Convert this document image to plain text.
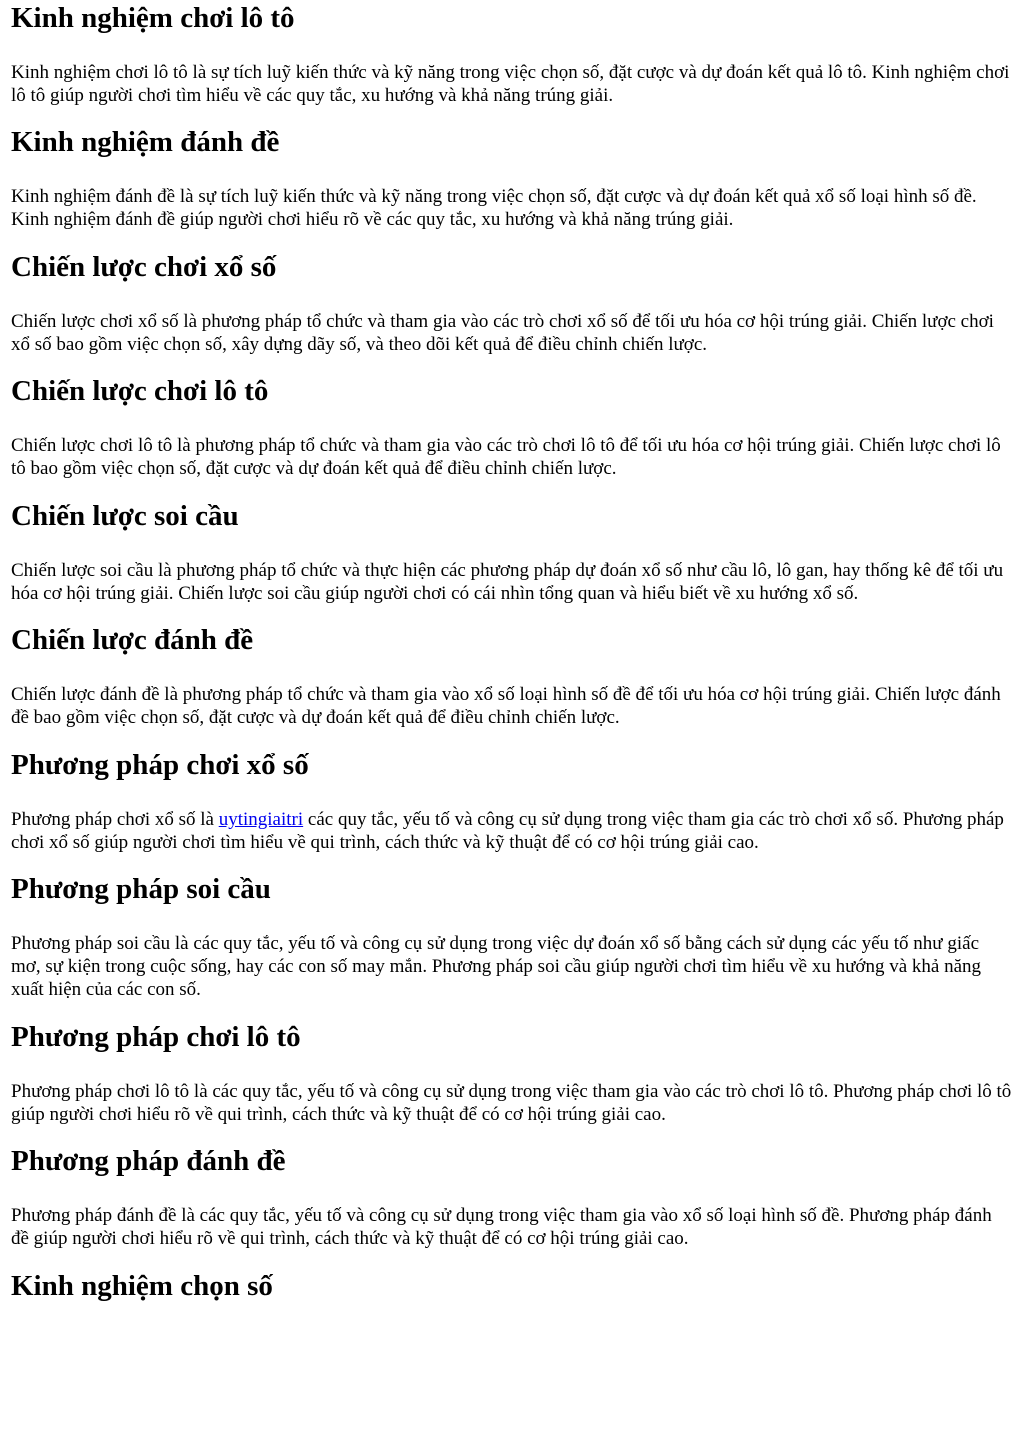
Kinh nghiệm chơi lô tô

Kinh nghiệm chơi lô tô là sự tích luỹ kiến thức và kỹ năng trong việc chọn số, đặt cược và dự đoán kết quả lô tô. Kinh nghiệm chơi lô tô giúp người chơi tìm hiểu về các quy tắc, xu hướng và khả năng trúng giải.

Kinh nghiệm đánh đề

Kinh nghiệm đánh đề là sự tích luỹ kiến thức và kỹ năng trong việc chọn số, đặt cược và dự đoán kết quả xổ số loại hình số đề. Kinh nghiệm đánh đề giúp người chơi hiểu rõ về các quy tắc, xu hướng và khả năng trúng giải.

Chiến lược chơi xổ số

Chiến lược chơi xổ số là phương pháp tổ chức và tham gia vào các trò chơi xổ số để tối ưu hóa cơ hội trúng giải. Chiến lược chơi xổ số bao gồm việc chọn số, xây dựng dãy số, và theo dõi kết quả để điều chỉnh chiến lược.

Chiến lược chơi lô tô

Chiến lược chơi lô tô là phương pháp tổ chức và tham gia vào các trò chơi lô tô để tối ưu hóa cơ hội trúng giải. Chiến lược chơi lô tô bao gồm việc chọn số, đặt cược và dự đoán kết quả để điều chỉnh chiến lược.

Chiến lược soi cầu

Chiến lược soi cầu là phương pháp tổ chức và thực hiện các phương pháp dự đoán xổ số như cầu lô, lô gan, hay thống kê để tối ưu hóa cơ hội trúng giải. Chiến lược soi cầu giúp người chơi có cái nhìn tổng quan và hiểu biết về xu hướng xổ số.

Chiến lược đánh đề

Chiến lược đánh đề là phương pháp tổ chức và tham gia vào xổ số loại hình số đề để tối ưu hóa cơ hội trúng giải. Chiến lược đánh đề bao gồm việc chọn số, đặt cược và dự đoán kết quả để điều chỉnh chiến lược.

Phương pháp chơi xổ số

Phương pháp chơi xổ số là uytingiaitri các quy tắc, yếu tố và công cụ sử dụng trong việc tham gia các trò chơi xổ số. Phương pháp chơi xổ số giúp người chơi tìm hiểu về qui trình, cách thức và kỹ thuật để có cơ hội trúng giải cao.

Phương pháp soi cầu

Phương pháp soi cầu là các quy tắc, yếu tố và công cụ sử dụng trong việc dự đoán xổ số bằng cách sử dụng các yếu tố như giấc mơ, sự kiện trong cuộc sống, hay các con số may mắn. Phương pháp soi cầu giúp người chơi tìm hiểu về xu hướng và khả năng xuất hiện của các con số.

Phương pháp chơi lô tô

Phương pháp chơi lô tô là các quy tắc, yếu tố và công cụ sử dụng trong việc tham gia vào các trò chơi lô tô. Phương pháp chơi lô tô giúp người chơi hiểu rõ về qui trình, cách thức và kỹ thuật để có cơ hội trúng giải cao.

Phương pháp đánh đề

Phương pháp đánh đề là các quy tắc, yếu tố và công cụ sử dụng trong việc tham gia vào xổ số loại hình số đề. Phương pháp đánh đề giúp người chơi hiểu rõ về qui trình, cách thức và kỹ thuật để có cơ hội trúng giải cao.

Kinh nghiệm chọn số
